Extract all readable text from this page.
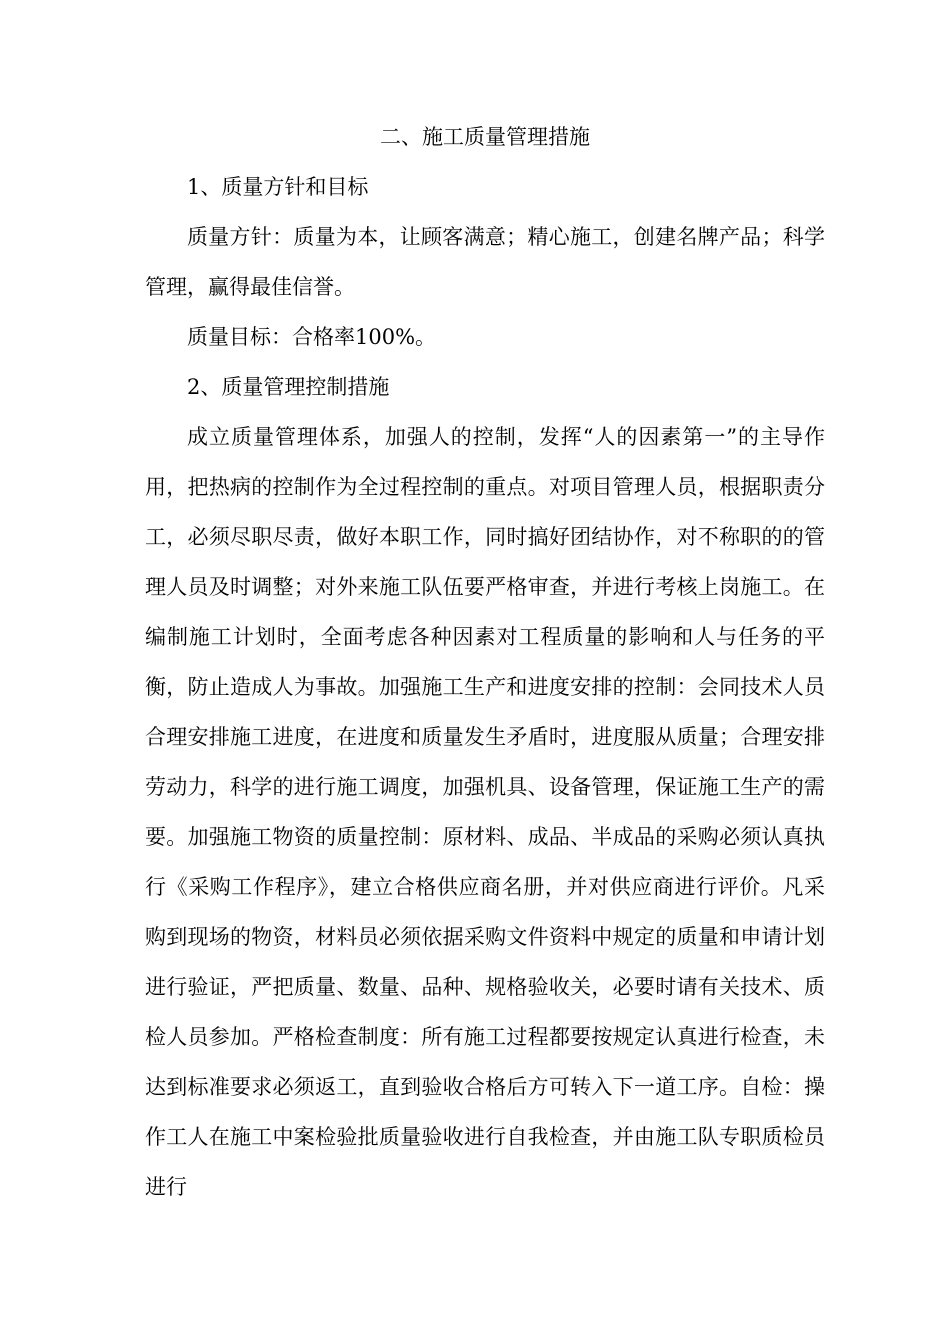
二、施工质量管理措施

1、质量方针和目标

质量方针：质量为本，让顾客满意；精心施工，创建名牌产品；科学管理，赢得最佳信誉。

质量目标：合格率100%。

2、质量管理控制措施

成立质量管理体系，加强人的控制，发挥“人的因素第一”的主导作用，把热病的控制作为全过程控制的重点。对项目管理人员，根据职责分工，必须尽职尽责，做好本职工作，同时搞好团结协作，对不称职的的管理人员及时调整；对外来施工队伍要严格审查，并进行考核上岗施工。在编制施工计划时，全面考虑各种因素对工程质量的影响和人与任务的平衡，防止造成人为事故。加强施工生产和进度安排的控制：会同技术人员合理安排施工进度，在进度和质量发生矛盾时，进度服从质量；合理安排劳动力，科学的进行施工调度，加强机具、设备管理，保证施工生产的需要。加强施工物资的质量控制：原材料、成品、半成品的采购必须认真执行《采购工作程序》，建立合格供应商名册，并对供应商进行评价。凡采购到现场的物资，材料员必须依据采购文件资料中规定的质量和申请计划进行验证，严把质量、数量、品种、规格验收关，必要时请有关技术、质检人员参加。严格检查制度：所有施工过程都要按规定认真进行检查，未达到标准要求必须返工，直到验收合格后方可转入下一道工序。自检：操作工人在施工中案检验批质量验收进行自我检查，并由施工队专职质检员进行
